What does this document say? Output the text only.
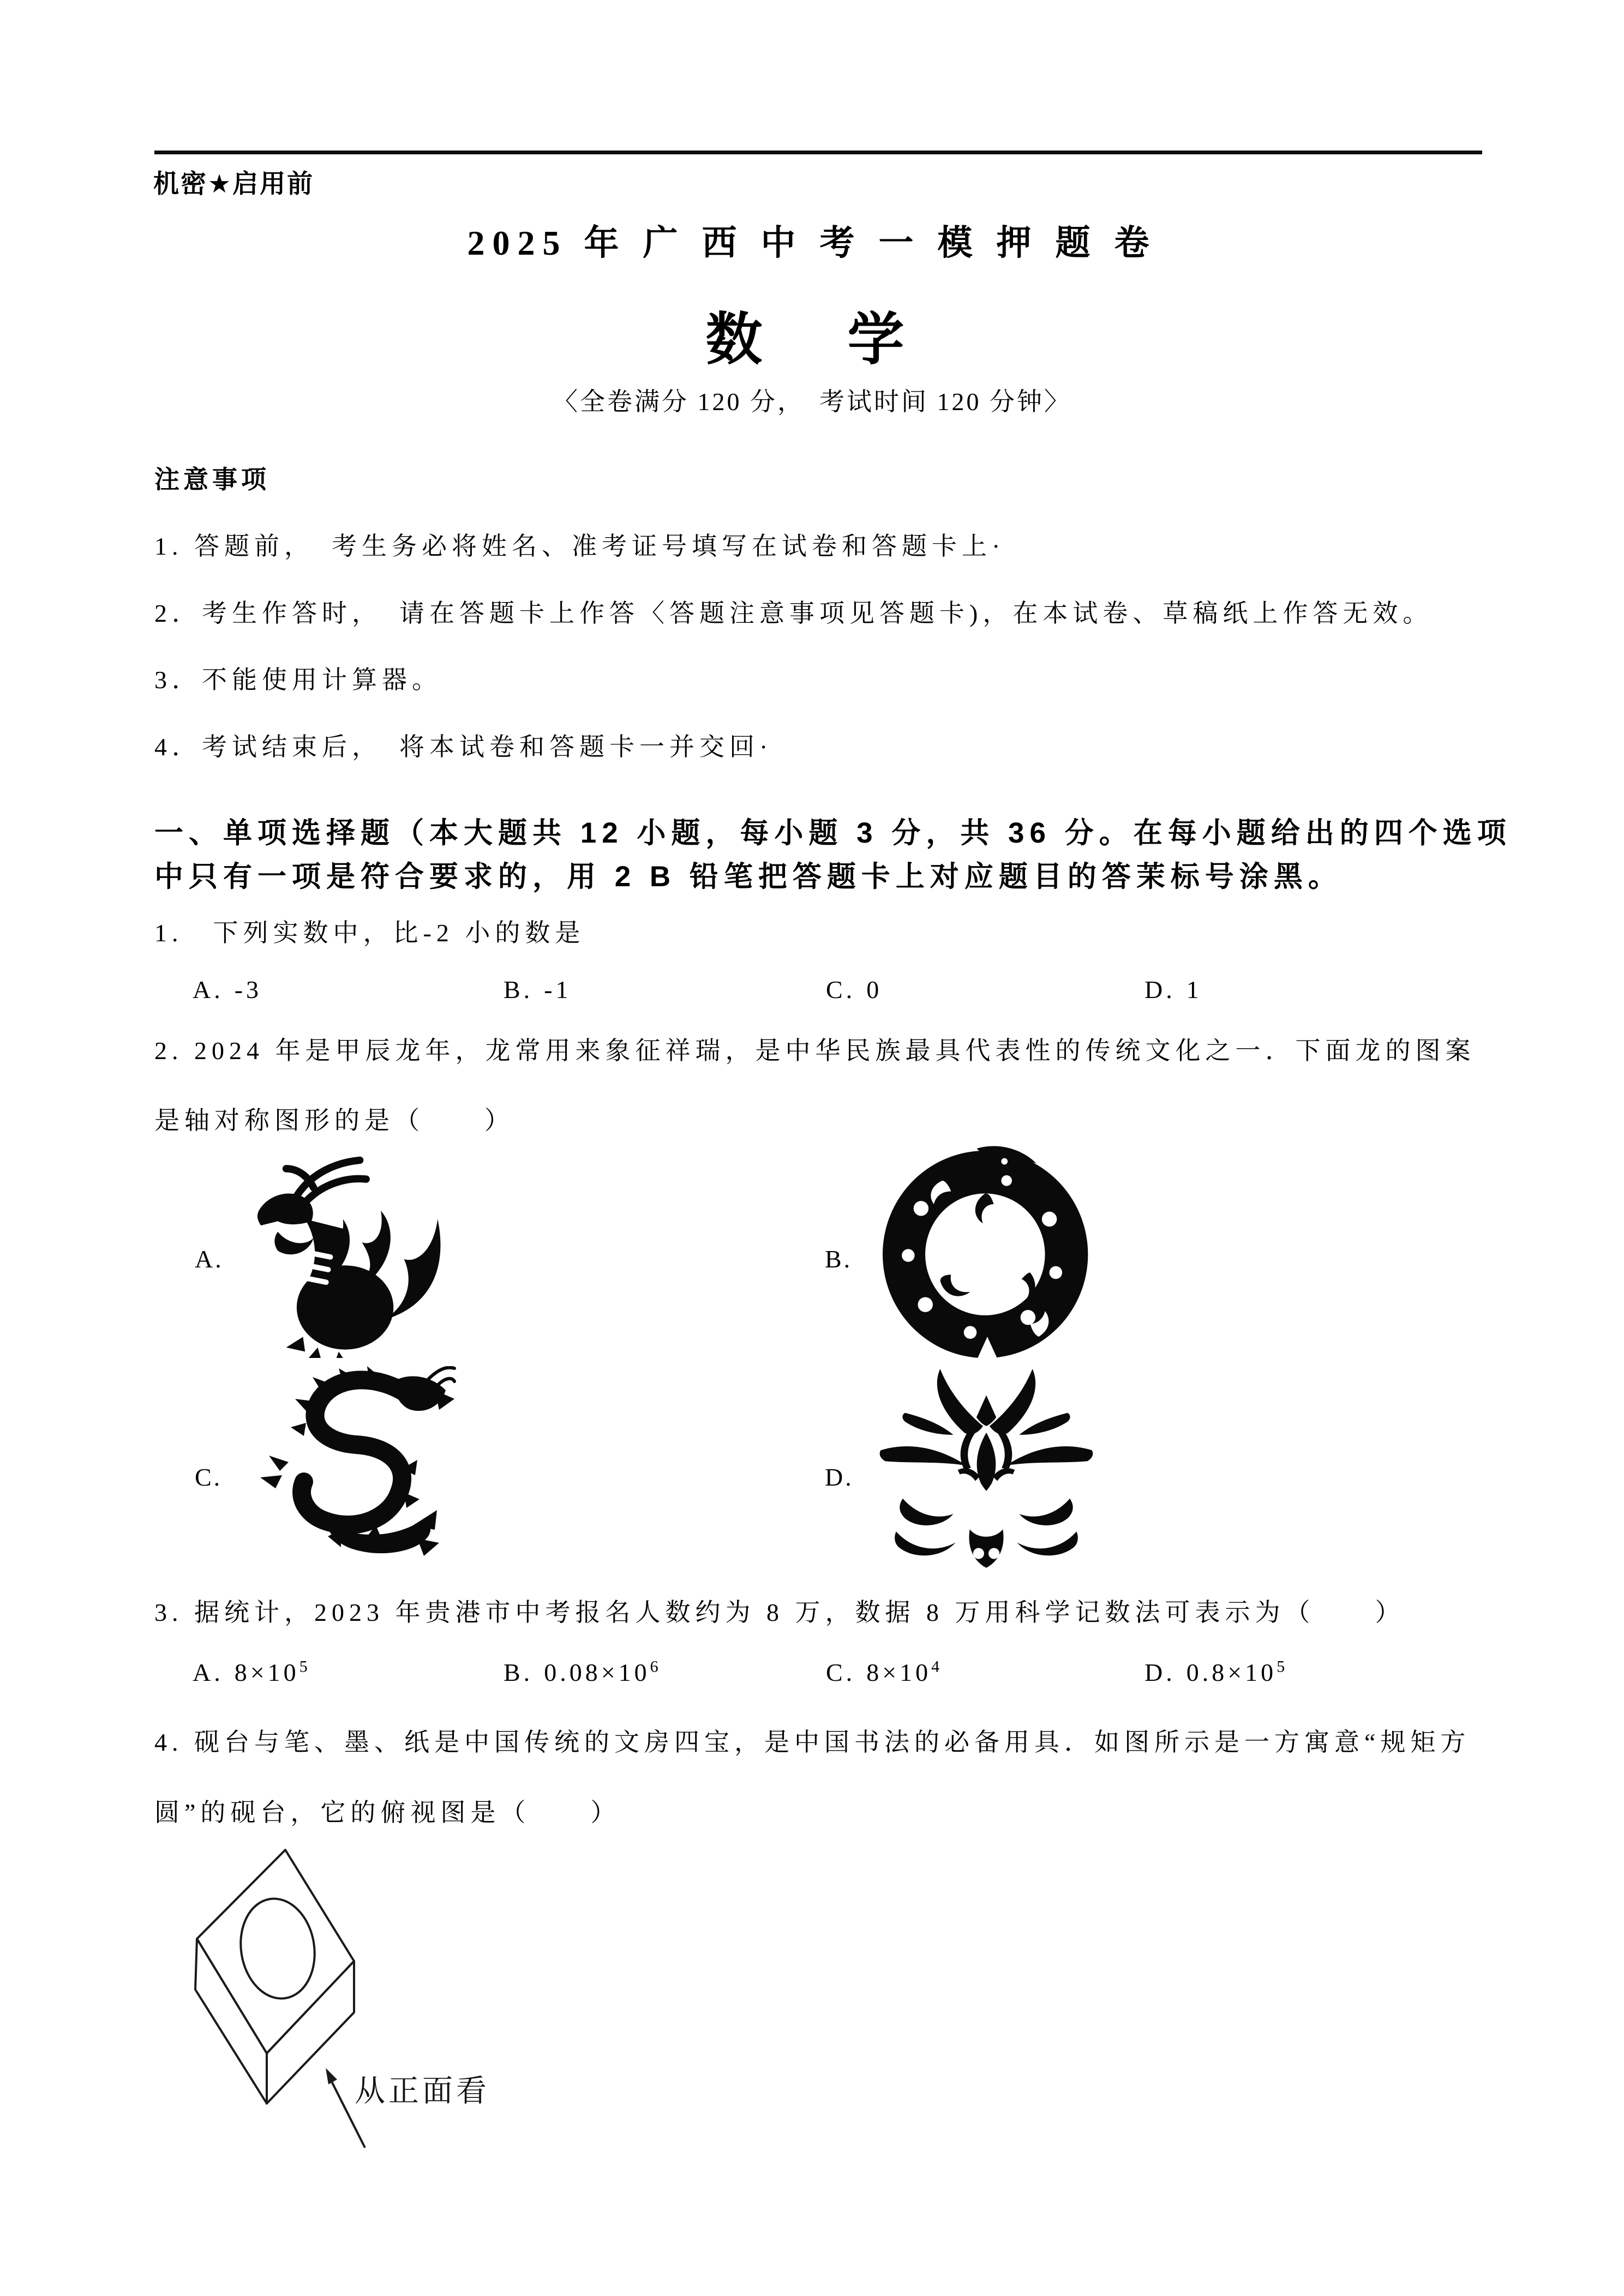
机密★启用前
2025 年 广 西 中 考 一 模 押 题 卷
数　学
〈全卷满分 120 分，　考试时间 120 分钟〉
注意事项
1. 答题前，　考生务必将姓名、准考证号填写在试卷和答题卡上·
2．考生作答时，　请在答题卡上作答〈答题注意事项见答题卡)，在本试卷、草稿纸上作答无效。
3．不能使用计算器。
4．考试结束后，　将本试卷和答题卡一并交回·
一、单项选择题（本大题共 12 小题，每小题 3 分，共 36 分。在每小题给出的四个选项
中只有一项是符合要求的，用 2 B 铅笔把答题卡上对应题目的答茉标号涂黑。
1.　下列实数中，比-2 小的数是
A. -3	B. -1	C. 0	D. 1
2. 2024 年是甲辰龙年，龙常用来象征祥瑞，是中华民族最具代表性的传统文化之一．下面龙的图案
是轴对称图形的是（　　）
A.	B.
C.	D.
3. 据统计，2023 年贵港市中考报名人数约为 8 万，数据 8 万用科学记数法可表示为（　　）
A. $8\times 10^5$	B. $0.08\times 10^6$	C. $8\times 10^4$	D. $0.8\times 10^5$
4. 砚台与笔、墨、纸是中国传统的文房四宝，是中国书法的必备用具．如图所示是一方寓意“规矩方
圆”的砚台，它的俯视图是（　　）
从正面看
